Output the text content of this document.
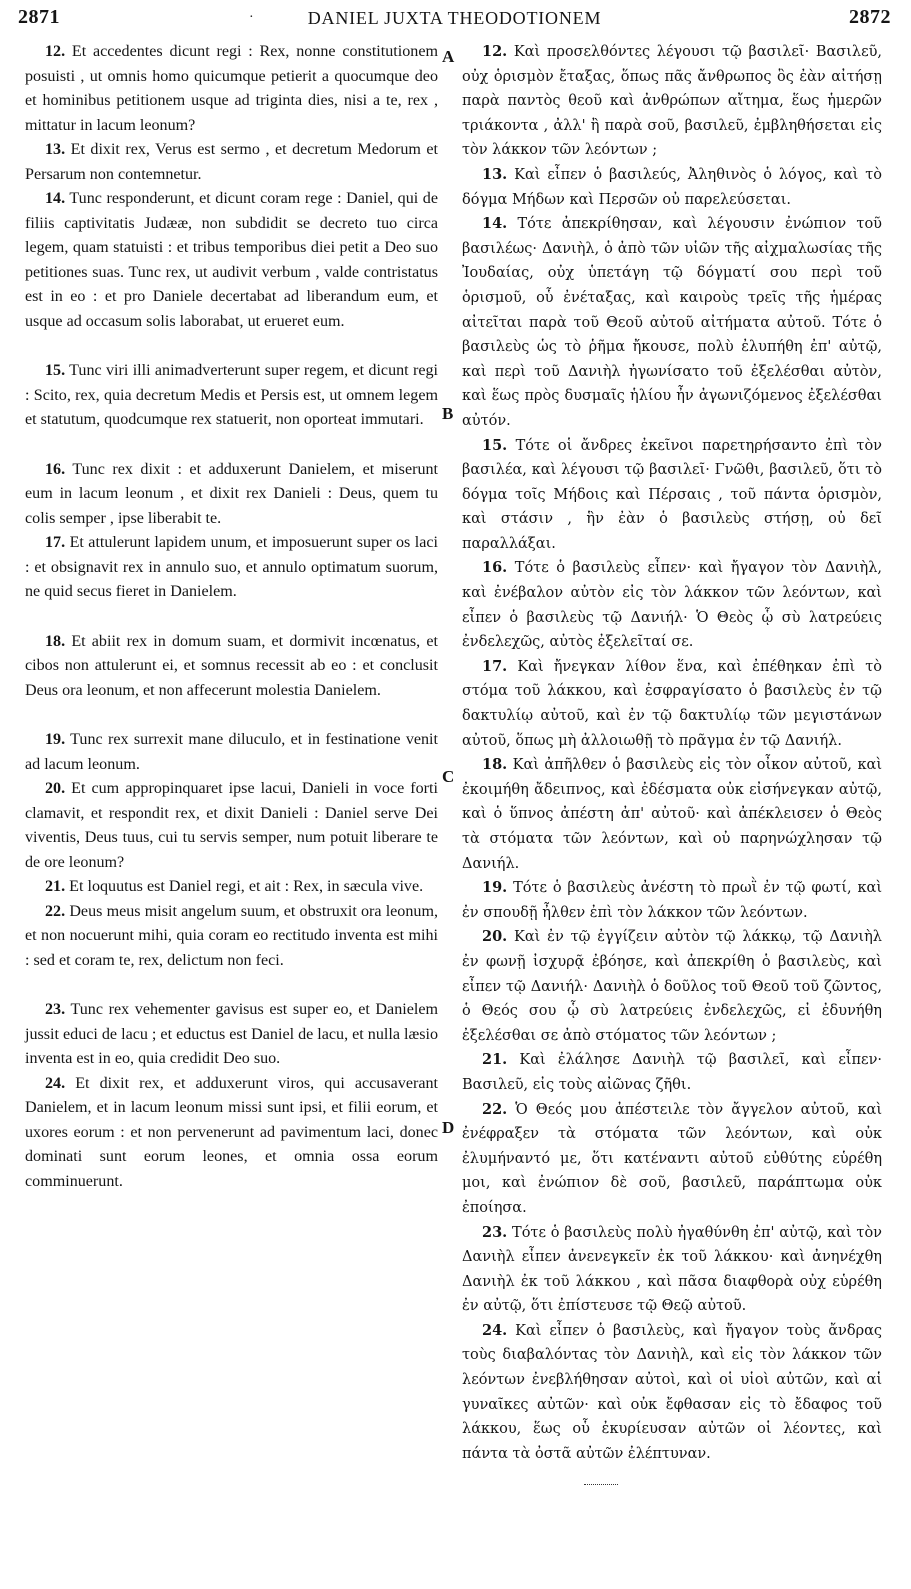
2871	·	DANIEL JUXTA THEODOTIONEM	2872
A
B
C
D

12. Et accedentes dicunt regi : Rex, nonne constitutionem posuisti , ut omnis homo quicumque petierit a quocumque deo et hominibus petitionem usque ad triginta dies, nisi a te, rex , mittatur in lacum leonum?

13. Et dixit rex, Verus est sermo , et decretum Medorum et Persarum non contemnetur.

14. Tunc responderunt, et dicunt coram rege : Daniel, qui de filiis captivitatis Judææ, non subdidit se decreto tuo circa legem, quam statuisti : et tribus temporibus diei petit a Deo suo petitiones suas. Tunc rex, ut audivit verbum , valde contristatus est in eo : et pro Daniele decertabat ad liberandum eum, et usque ad occasum solis laborabat, ut erueret eum.

15. Tunc viri illi animadverterunt super regem, et dicunt regi : Scito, rex, quia decretum Medis et Persis est, ut omnem legem et statutum, quodcumque rex statuerit, non oporteat immutari.

16. Tunc rex dixit : et adduxerunt Danielem, et miserunt eum in lacum leonum , et dixit rex Danieli : Deus, quem tu colis semper , ipse liberabit te.

17. Et attulerunt lapidem unum, et imposuerunt super os laci : et obsignavit rex in annulo suo, et annulo optimatum suorum, ne quid secus fieret in Danielem.

18. Et abiit rex in domum suam, et dormivit incœnatus, et cibos non attulerunt ei, et somnus recessit ab eo : et conclusit Deus ora leonum, et non affecerunt molestia Danielem.

19. Tunc rex surrexit mane diluculo, et in festinatione venit ad lacum leonum.

20. Et cum appropinquaret ipse lacui, Danieli in voce forti clamavit, et respondit rex, et dixit Danieli : Daniel serve Dei viventis, Deus tuus, cui tu servis semper, num potuit liberare te de ore leonum?

21. Et loquutus est Daniel regi, et ait : Rex, in sæcula vive.

22. Deus meus misit angelum suum, et obstruxit ora leonum, et non nocuerunt mihi, quia coram eo rectitudo inventa est mihi : sed et coram te, rex, delictum non feci.

23. Tunc rex vehementer gavisus est super eo, et Danielem jussit educi de lacu ; et eductus est Daniel de lacu, et nulla læsio inventa est in eo, quia credidit Deo suo.

24. Et dixit rex, et adduxerunt viros, qui accusaverant Danielem, et in lacum leonum missi sunt ipsi, et filii eorum, et uxores eorum : et non pervenerunt ad pavimentum laci, donec dominati sunt eorum leones, et omnia ossa eorum comminuerunt.

12. Καὶ προσελθόντες λέγουσι τῷ βασιλεῖ· Βασιλεῦ, οὐχ ὁρισμὸν ἔταξας, ὅπως πᾶς ἄνθρωπος ὃς ἐὰν αἰτήσῃ παρὰ παντὸς θεοῦ καὶ ἀνθρώπων αἴτημα, ἕως ἡμερῶν τριάκοντα , ἀλλ' ἢ παρὰ σοῦ, βασιλεῦ, ἐμβληθήσεται εἰς τὸν λάκκον τῶν λεόντων ;

13. Καὶ εἶπεν ὁ βασιλεύς, Ἀληθινὸς ὁ λόγος, καὶ τὸ δόγμα Μήδων καὶ Περσῶν οὐ παρελεύσεται.

14. Τότε ἀπεκρίθησαν, καὶ λέγουσιν ἐνώπιον τοῦ βασιλέως· Δανιὴλ, ὁ ἀπὸ τῶν υἱῶν τῆς αἰχμαλωσίας τῆς Ἰουδαίας, οὐχ ὑπετάγη τῷ δόγματί σου περὶ τοῦ ὁρισμοῦ, οὗ ἐνέταξας, καὶ καιροὺς τρεῖς τῆς ἡμέρας αἰτεῖται παρὰ τοῦ Θεοῦ αὐτοῦ αἰτήματα αὐτοῦ. Τότε ὁ βασιλεὺς ὡς τὸ ῥῆμα ἤκουσε, πολὺ ἐλυπήθη ἐπ' αὐτῷ, καὶ περὶ τοῦ Δανιὴλ ἠγωνίσατο τοῦ ἐξελέσθαι αὐτὸν, καὶ ἕως πρὸς δυσμαῖς ἡλίου ἦν ἀγωνιζόμενος ἐξελέσθαι αὐτόν.

15. Τότε οἱ ἄνδρες ἐκεῖνοι παρετηρήσαντο ἐπὶ τὸν βασιλέα, καὶ λέγουσι τῷ βασιλεῖ· Γνῶθι, βασιλεῦ, ὅτι τὸ δόγμα τοῖς Μήδοις καὶ Πέρσαις , τοῦ πάντα ὁρισμὸν, καὶ στάσιν , ἣν ἐὰν ὁ βασιλεὺς στήσῃ, οὐ δεῖ παραλλάξαι.

16. Τότε ὁ βασιλεὺς εἶπεν· καὶ ἤγαγον τὸν Δανιὴλ, καὶ ἐνέβαλον αὐτὸν εἰς τὸν λάκκον τῶν λεόντων, καὶ εἶπεν ὁ βασιλεὺς τῷ Δανιήλ· Ὁ Θεὸς ᾧ σὺ λατρεύεις ἐνδελεχῶς, αὐτὸς ἐξελεῖταί σε.

17. Καὶ ἤνεγκαν λίθον ἕνα, καὶ ἐπέθηκαν ἐπὶ τὸ στόμα τοῦ λάκκου, καὶ ἐσφραγίσατο ὁ βασιλεὺς ἐν τῷ δακτυλίῳ αὐτοῦ, καὶ ἐν τῷ δακτυλίῳ τῶν μεγιστάνων αὐτοῦ, ὅπως μὴ ἀλλοιωθῇ τὸ πρᾶγμα ἐν τῷ Δανιήλ.

18. Καὶ ἀπῆλθεν ὁ βασιλεὺς εἰς τὸν οἶκον αὐτοῦ, καὶ ἐκοιμήθη ἄδειπνος, καὶ ἐδέσματα οὐκ εἰσήνεγκαν αὐτῷ, καὶ ὁ ὕπνος ἀπέστη ἀπ' αὐτοῦ· καὶ ἀπέκλεισεν ὁ Θεὸς τὰ στόματα τῶν λεόντων, καὶ οὐ παρηνώχλησαν τῷ Δανιήλ.

19. Τότε ὁ βασιλεὺς ἀνέστη τὸ πρωῒ ἐν τῷ φωτί, καὶ ἐν σπουδῇ ἦλθεν ἐπὶ τὸν λάκκον τῶν λεόντων.

20. Καὶ ἐν τῷ ἐγγίζειν αὐτὸν τῷ λάκκῳ, τῷ Δανιὴλ ἐν φωνῇ ἰσχυρᾷ ἐβόησε, καὶ ἀπεκρίθη ὁ βασιλεὺς, καὶ εἶπεν τῷ Δανιήλ· Δανιὴλ ὁ δοῦλος τοῦ Θεοῦ τοῦ ζῶντος, ὁ Θεός σου ᾧ σὺ λατρεύεις ἐνδελεχῶς, εἰ ἐδυνήθη ἐξελέσθαι σε ἀπὸ στόματος τῶν λεόντων ;

21. Καὶ ἐλάλησε Δανιὴλ τῷ βασιλεῖ, καὶ εἶπεν· Βασιλεῦ, εἰς τοὺς αἰῶνας ζῆθι.

22. Ὁ Θεός μου ἀπέστειλε τὸν ἄγγελον αὐτοῦ, καὶ ἐνέφραξεν τὰ στόματα τῶν λεόντων, καὶ οὐκ ἐλυμήναντό με, ὅτι κατέναντι αὐτοῦ εὐθύτης εὑρέθη μοι, καὶ ἐνώπιον δὲ σοῦ, βασιλεῦ, παράπτωμα οὐκ ἐποίησα.

23. Τότε ὁ βασιλεὺς πολὺ ἠγαθύνθη ἐπ' αὐτῷ, καὶ τὸν Δανιὴλ εἶπεν ἀνενεγκεῖν ἐκ τοῦ λάκκου· καὶ ἀνηνέχθη Δανιὴλ ἐκ τοῦ λάκκου , καὶ πᾶσα διαφθορὰ οὐχ εὑρέθη ἐν αὐτῷ, ὅτι ἐπίστευσε τῷ Θεῷ αὐτοῦ.

24. Καὶ εἶπεν ὁ βασιλεὺς, καὶ ἤγαγον τοὺς ἄνδρας τοὺς διαβαλόντας τὸν Δανιὴλ, καὶ εἰς τὸν λάκκον τῶν λεόντων ἐνεβλήθησαν αὐτοὶ, καὶ οἱ υἱοὶ αὐτῶν, καὶ αἱ γυναῖκες αὐτῶν· καὶ οὐκ ἔφθασαν εἰς τὸ ἔδαφος τοῦ λάκκου, ἕως οὗ ἐκυρίευσαν αὐτῶν οἱ λέοντες, καὶ πάντα τὰ ὀστᾶ αὐτῶν ἐλέπτυναν.
